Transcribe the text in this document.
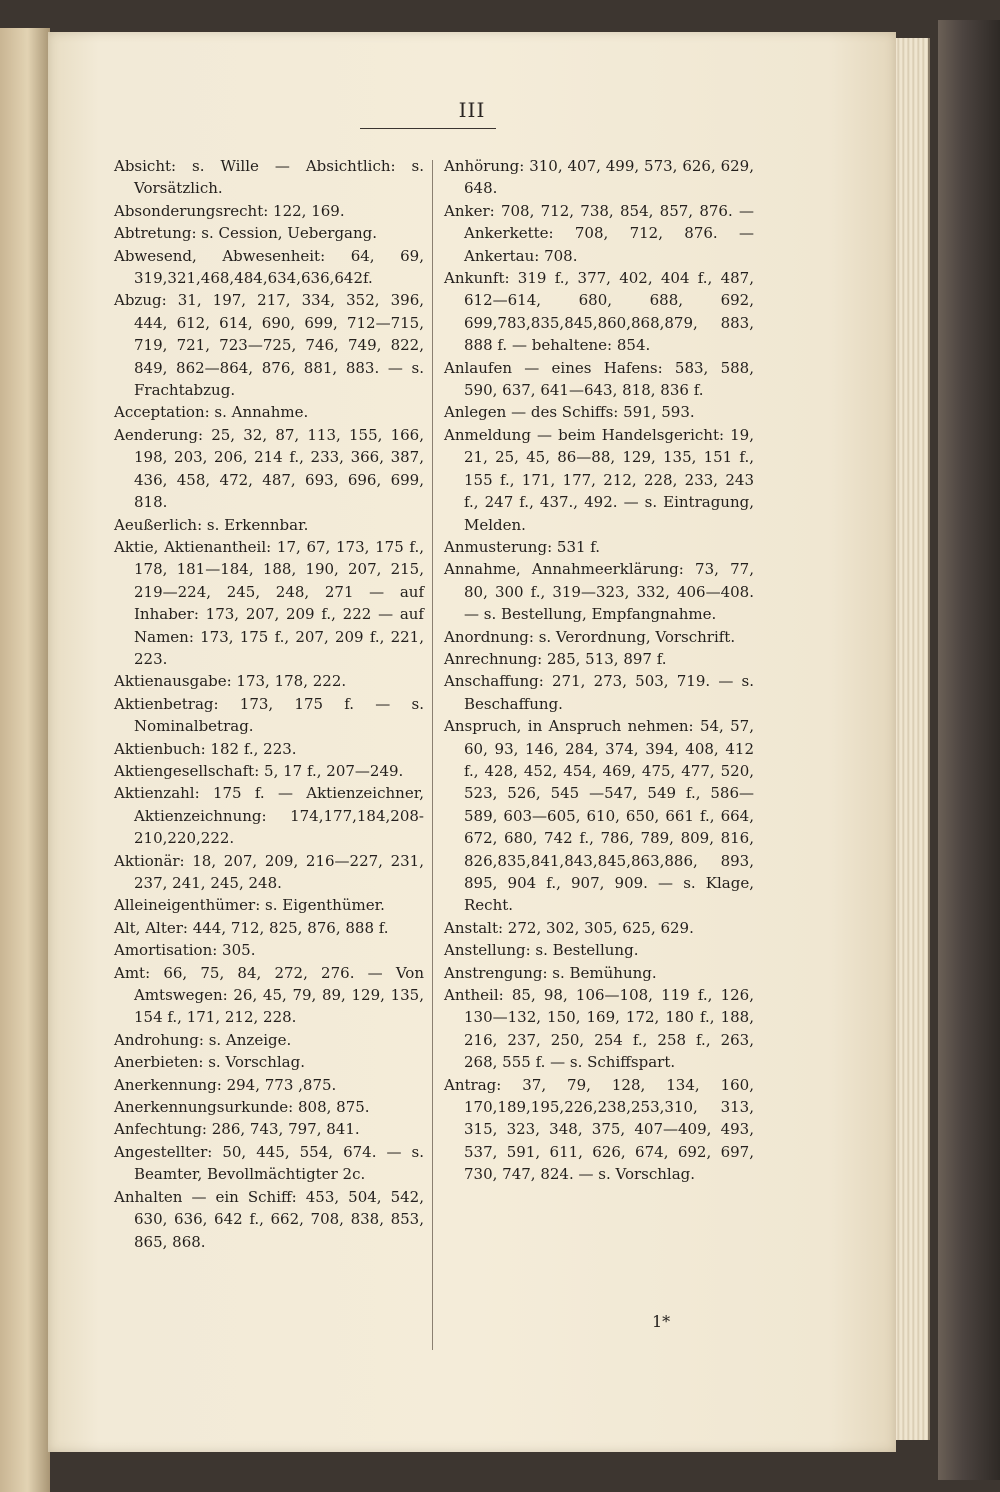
III

Absicht: s. Wille — Absichtlich: s. Vorsätzlich.

Absonderungsrecht: 122, 169.

Abtretung: s. Cession, Uebergang.

Abwesend, Abwesenheit: 64, 69, 319,321,468,484,634,636,642f.

Abzug: 31, 197, 217, 334, 352, 396, 444, 612, 614, 690, 699, 712—715, 719, 721, 723—725, 746, 749, 822, 849, 862—864, 876, 881, 883. — s. Frachtabzug.

Acceptation: s. Annahme.

Aenderung: 25, 32, 87, 113, 155, 166, 198, 203, 206, 214 f., 233, 366, 387, 436, 458, 472, 487, 693, 696, 699, 818.

Aeußerlich: s. Erkennbar.

Aktie, Aktienantheil: 17, 67, 173, 175 f., 178, 181—184, 188, 190, 207, 215, 219—224, 245, 248, 271 — auf Inhaber: 173, 207, 209 f., 222 — auf Namen: 173, 175 f., 207, 209 f., 221, 223.

Aktienausgabe: 173, 178, 222.

Aktienbetrag: 173, 175 f. — s. Nominalbetrag.

Aktienbuch: 182 f., 223.

Aktiengesellschaft: 5, 17 f., 207—249.

Aktienzahl: 175 f. — Aktienzeichner, Aktienzeichnung: 174,177,184,208-210,220,222.

Aktionär: 18, 207, 209, 216—227, 231, 237, 241, 245, 248.

Alleineigenthümer: s. Eigenthümer.

Alt, Alter: 444, 712, 825, 876, 888 f.

Amortisation: 305.

Amt: 66, 75, 84, 272, 276. — Von Amtswegen: 26, 45, 79, 89, 129, 135, 154 f., 171, 212, 228.

Androhung: s. Anzeige.

Anerbieten: s. Vorschlag.

Anerkennung: 294, 773 ,875.

Anerkennungsurkunde: 808, 875.

Anfechtung: 286, 743, 797, 841.

Angestellter: 50, 445, 554, 674. — s. Beamter, Bevollmächtigter 2c.

Anhalten — ein Schiff: 453, 504, 542, 630, 636, 642 f., 662, 708, 838, 853, 865, 868.

Anhörung: 310, 407, 499, 573, 626, 629, 648.

Anker: 708, 712, 738, 854, 857, 876. — Ankerkette: 708, 712, 876. — Ankertau: 708.

Ankunft: 319 f., 377, 402, 404 f., 487, 612—614, 680, 688, 692, 699,783,835,845,860,868,879, 883, 888 f. — behaltene: 854.

Anlaufen — eines Hafens: 583, 588, 590, 637, 641—643, 818, 836 f.

Anlegen — des Schiffs: 591, 593.

Anmeldung — beim Handelsgericht: 19, 21, 25, 45, 86—88, 129, 135, 151 f., 155 f., 171, 177, 212, 228, 233, 243 f., 247 f., 437., 492. — s. Eintragung, Melden.

Anmusterung: 531 f.

Annahme, Annahmeerklärung: 73, 77, 80, 300 f., 319—323, 332, 406—408. — s. Bestellung, Empfangnahme.

Anordnung: s. Verordnung, Vorschrift.

Anrechnung: 285, 513, 897 f.

Anschaffung: 271, 273, 503, 719. — s. Beschaffung.

Anspruch, in Anspruch nehmen: 54, 57, 60, 93, 146, 284, 374, 394, 408, 412 f., 428, 452, 454, 469, 475, 477, 520, 523, 526, 545 —547, 549 f., 586—589, 603—605, 610, 650, 661 f., 664, 672, 680, 742 f., 786, 789, 809, 816, 826,835,841,843,845,863,886, 893, 895, 904 f., 907, 909. — s. Klage, Recht.

Anstalt: 272, 302, 305, 625, 629.

Anstellung: s. Bestellung.

Anstrengung: s. Bemühung.

Antheil: 85, 98, 106—108, 119 f., 126, 130—132, 150, 169, 172, 180 f., 188, 216, 237, 250, 254 f., 258 f., 263, 268, 555 f. — s. Schiffspart.

Antrag: 37, 79, 128, 134, 160, 170,189,195,226,238,253,310, 313, 315, 323, 348, 375, 407—409, 493, 537, 591, 611, 626, 674, 692, 697, 730, 747, 824. — s. Vorschlag.

1*
